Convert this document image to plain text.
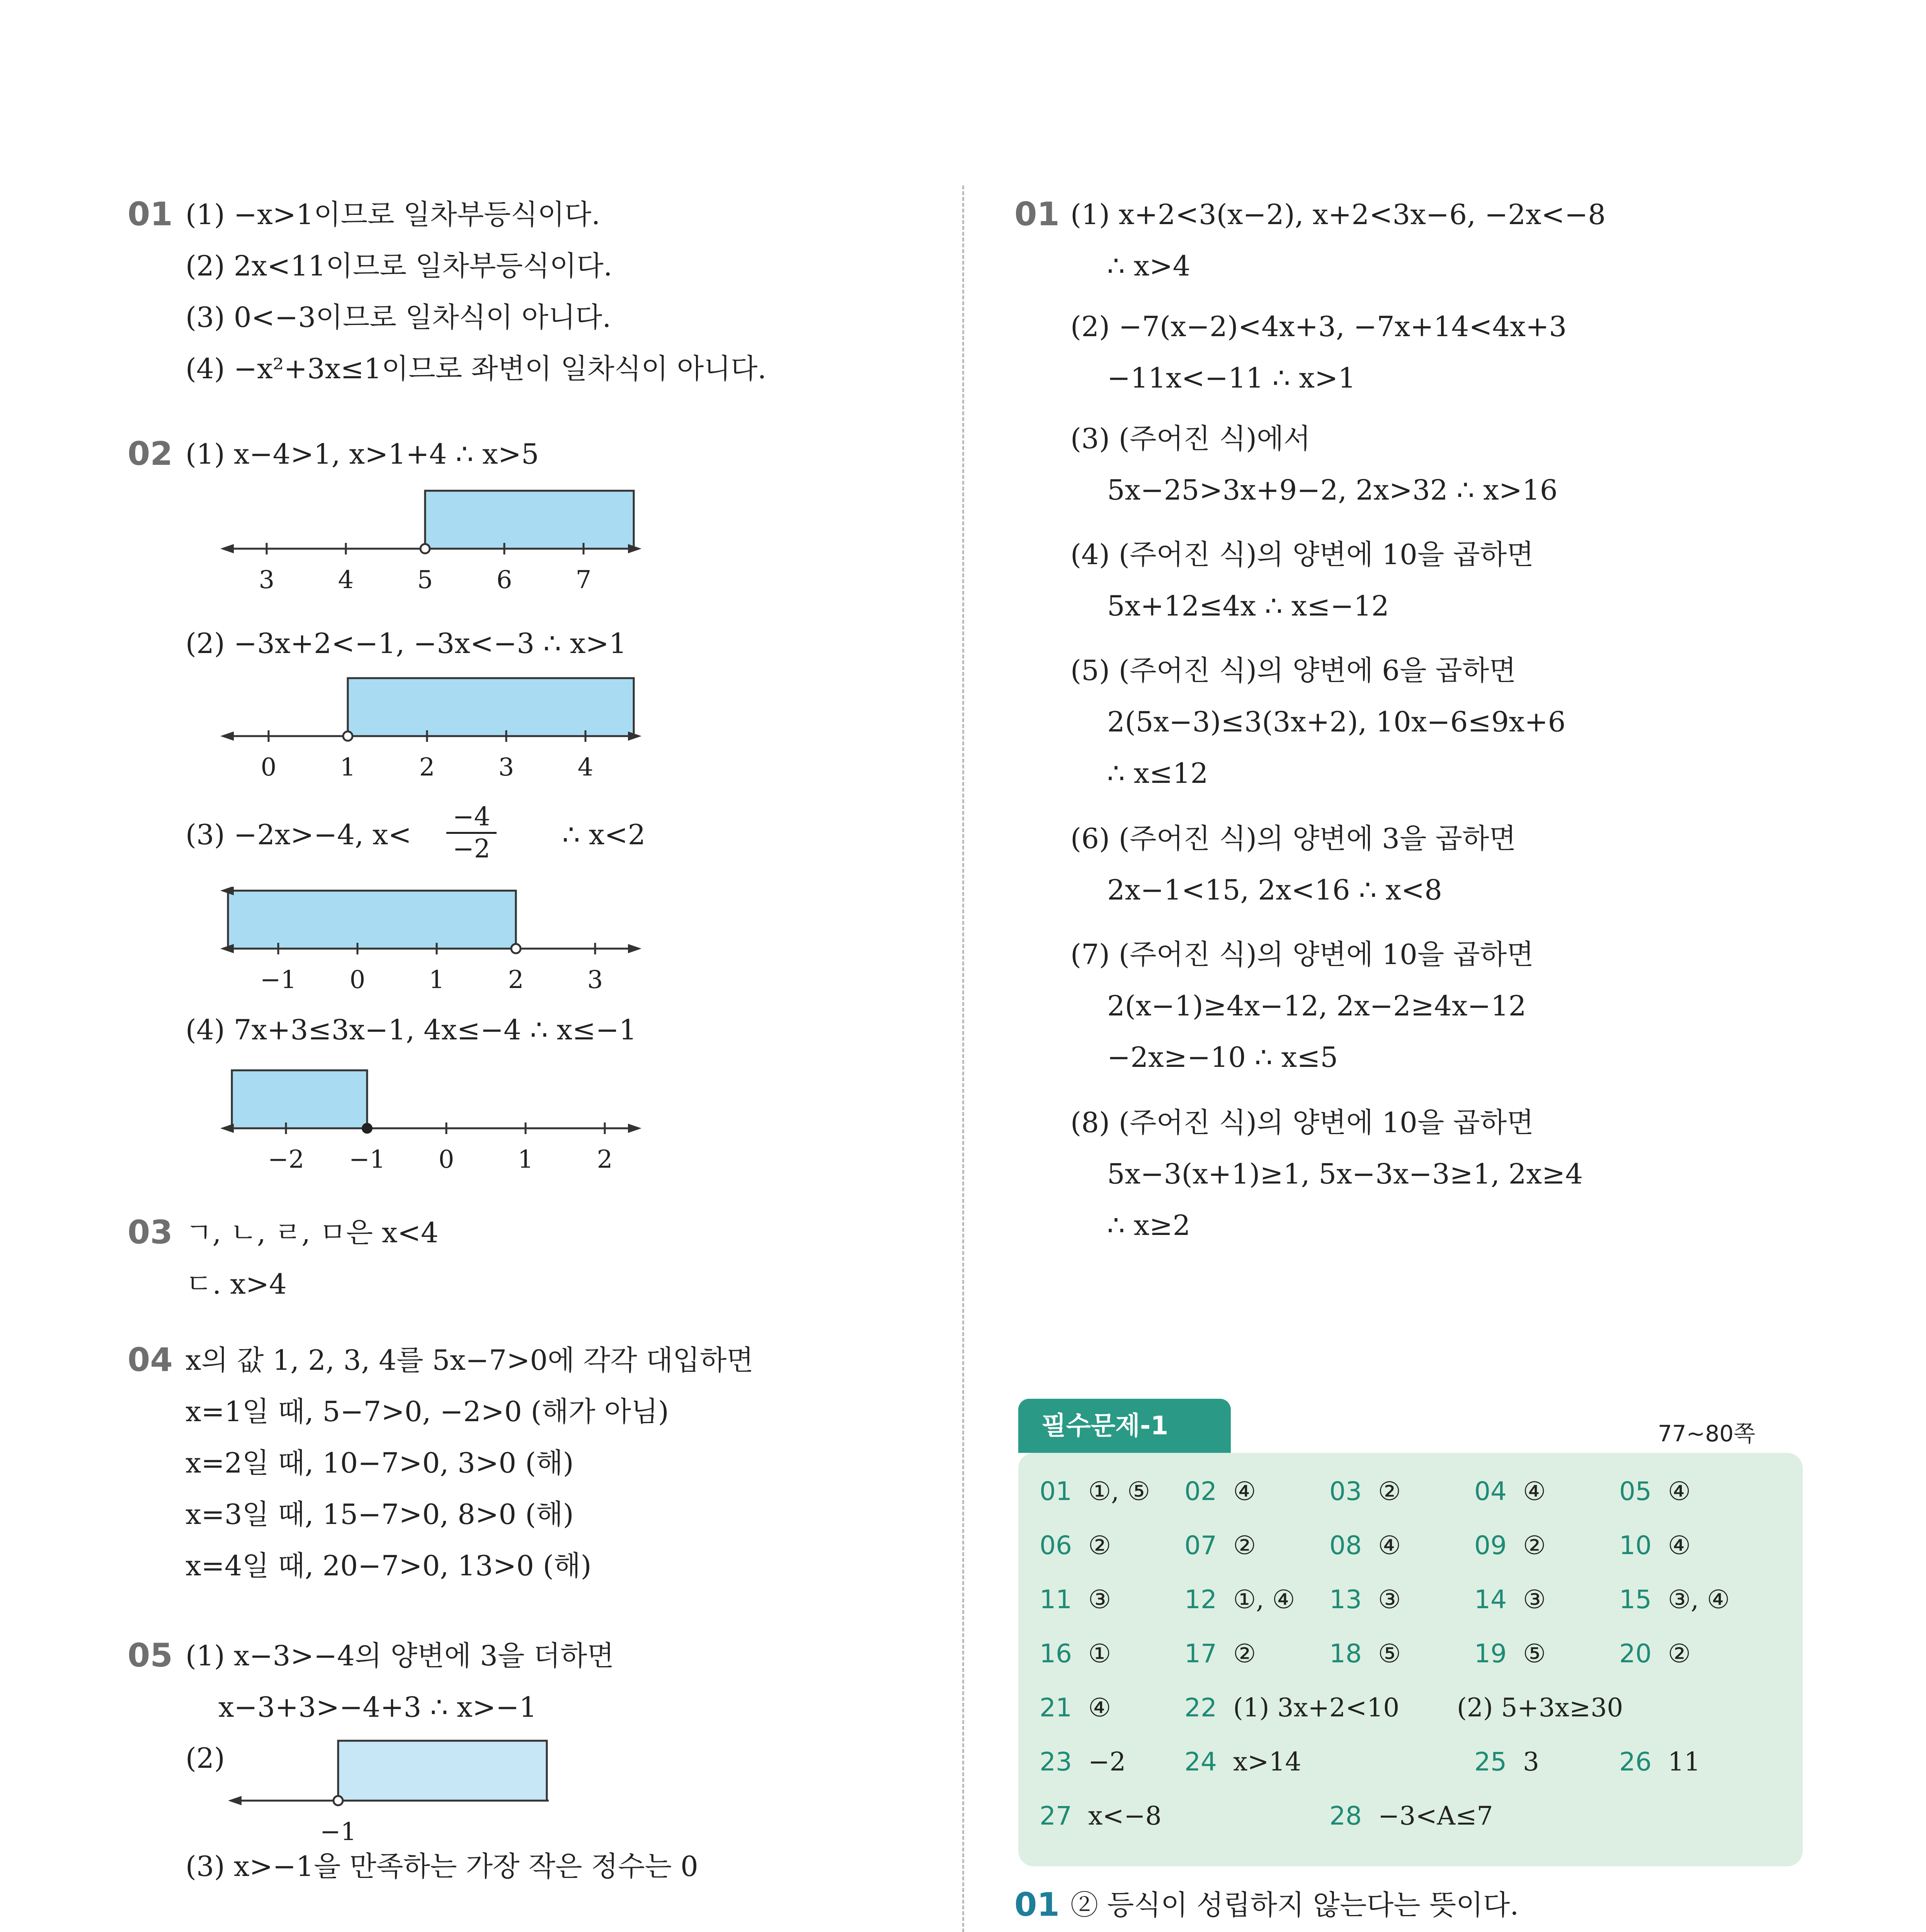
01 (1) −x>1이므로 일차부등식이다.
(2) 2x<11이므로 일차부등식이다.
(3) 0<−3이므로 일차식이 아니다.
(4) −x²+3x≤1이므로 좌변이 일차식이 아니다.
02 (1) x−4>1, x>1+4 ∴ x>5
3	4	5	6	7
(2) −3x+2<−1, −3x<−3 ∴ x>1
0	1	2	3	4
(3) −2x>−4, $x< \frac{-4}{-2}$ ∴ x<2
−1 0	1	2	3
(4) 7x+3≤3x−1, 4x≤−4 ∴ x≤−1
−2 −1 0	1	2
03 ㄱ, ㄴ, ㄹ, ㅁ은 x<4
ㄷ. x>4
04 x의 값 1, 2, 3, 4를 5x−7>0에 각각 대입하면
x=1일 때, 5−7>0, −2>0 (해가 아님)
x=2일 때, 10−7>0, 3>0 (해)
x=3일 때, 15−7>0, 8>0 (해)
x=4일 때, 20−7>0, 13>0 (해)
05 (1) x−3>−4의 양변에 3을 더하면
x−3+3>−4+3 ∴ x>−1
(2)
−1
(3) x>−1을 만족하는 가장 작은 정수는 0
01 (1) x+2<3(x−2), x+2<3x−6, −2x<−8
∴ x>4
(2) −7(x−2)<4x+3, −7x+14<4x+3
−11x<−11 ∴ x>1
(3) (주어진 식)에서
5x−25>3x+9−2, 2x>32 ∴ x>16
(4) (주어진 식)의 양변에 10을 곱하면
5x+12≤4x ∴ x≤−12
(5) (주어진 식)의 양변에 6을 곱하면
2(5x−3)≤3(3x+2), 10x−6≤9x+6
∴ x≤12
(6) (주어진 식)의 양변에 3을 곱하면
2x−1<15, 2x<16 ∴ x<8
(7) (주어진 식)의 양변에 10을 곱하면
2(x−1)≥4x−12, 2x−2≥4x−12
−2x≥−10 ∴ x≤5
(8) (주어진 식)의 양변에 10을 곱하면
5x−3(x+1)≥1, 5x−3x−3≥1, 2x≥4
∴ x≥2
필수문제-1	77~80쪽
21 ④	22 (1) 3x+2<10 (2) 5+3x≥30
23 −2 24 x>14	25 3	26 11
27 x<−8	28 −3<A≤7
01 ② 등식이 성립하지 않는다는 뜻이다.
01 ①, ⑤ 02 ④	03 ②	04 ④	05 ④
06 ②	07 ②	08 ④	09 ②	10 ④
11 ③	12 ①, ④ 13 ③	14 ③	15 ③, ④
16 ①	17 ②	18 ⑤	19 ⑤	20 ②
